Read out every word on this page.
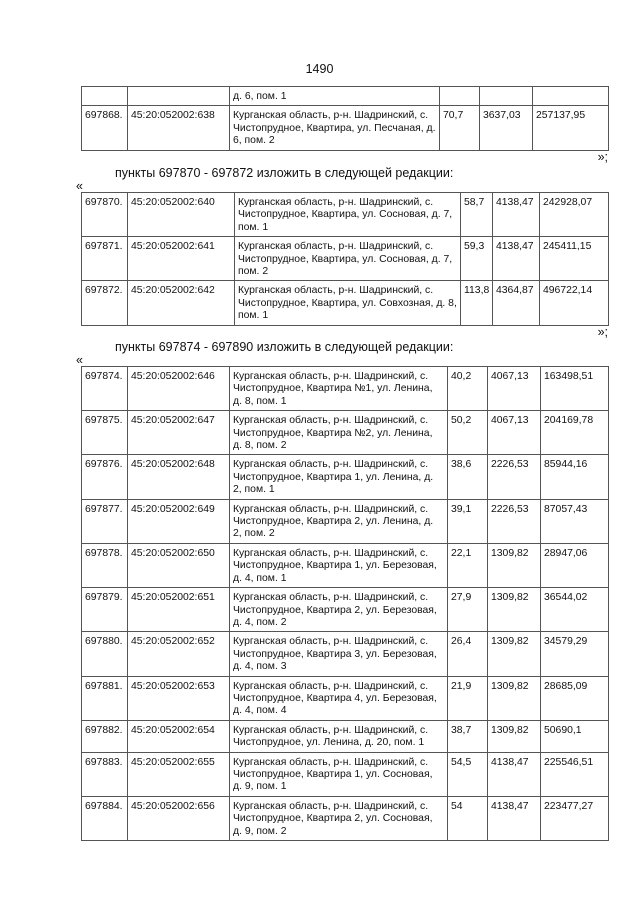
1490
		д. 6, пом. 1			
697868.	45:20:052002:638	Курганская область, р-н. Шадринский, с. Чистопрудное, Квартира, ул. Песчаная, д. 6, пом. 2	70,7	3637,03	257137,95
»;
пункты 697870 - 697872 изложить в следующей редакции:
«
697870.	45:20:052002:640	Курганская область, р-н. Шадринский, с. Чистопрудное, Квартира, ул. Сосновая, д. 7, пом. 1	58,7	4138,47	242928,07
697871.	45:20:052002:641	Курганская область, р-н. Шадринский, с. Чистопрудное, Квартира, ул. Сосновая, д. 7, пом. 2	59,3	4138,47	245411,15
697872.	45:20:052002:642	Курганская область, р-н. Шадринский, с. Чистопрудное, Квартира, ул. Совхозная, д. 8, пом. 1	113,8	4364,87	496722,14
»;
пункты 697874 - 697890 изложить в следующей редакции:
«
697874.	45:20:052002:646	Курганская область, р-н. Шадринский, с. Чистопрудное, Квартира №1, ул. Ленина, д. 8, пом. 1	40,2	4067,13	163498,51
697875.	45:20:052002:647	Курганская область, р-н. Шадринский, с. Чистопрудное, Квартира №2, ул. Ленина, д. 8, пом. 2	50,2	4067,13	204169,78
697876.	45:20:052002:648	Курганская область, р-н. Шадринский, с. Чистопрудное, Квартира 1, ул. Ленина, д. 2, пом. 1	38,6	2226,53	85944,16
697877.	45:20:052002:649	Курганская область, р-н. Шадринский, с. Чистопрудное, Квартира 2, ул. Ленина, д. 2, пом. 2	39,1	2226,53	87057,43
697878.	45:20:052002:650	Курганская область, р-н. Шадринский, с. Чистопрудное, Квартира 1, ул. Березовая, д. 4, пом. 1	22,1	1309,82	28947,06
697879.	45:20:052002:651	Курганская область, р-н. Шадринский, с. Чистопрудное, Квартира 2, ул. Березовая, д. 4, пом. 2	27,9	1309,82	36544,02
697880.	45:20:052002:652	Курганская область, р-н. Шадринский, с. Чистопрудное, Квартира 3, ул. Березовая, д. 4, пом. 3	26,4	1309,82	34579,29
697881.	45:20:052002:653	Курганская область, р-н. Шадринский, с. Чистопрудное, Квартира 4, ул. Березовая, д. 4, пом. 4	21,9	1309,82	28685,09
697882.	45:20:052002:654	Курганская область, р-н. Шадринский, с. Чистопрудное, ул. Ленина, д. 20, пом. 1	38,7	1309,82	50690,1
697883.	45:20:052002:655	Курганская область, р-н. Шадринский, с. Чистопрудное, Квартира 1, ул. Сосновая, д. 9, пом. 1	54,5	4138,47	225546,51
697884.	45:20:052002:656	Курганская область, р-н. Шадринский, с. Чистопрудное, Квартира 2, ул. Сосновая, д. 9, пом. 2	54	4138,47	223477,27
